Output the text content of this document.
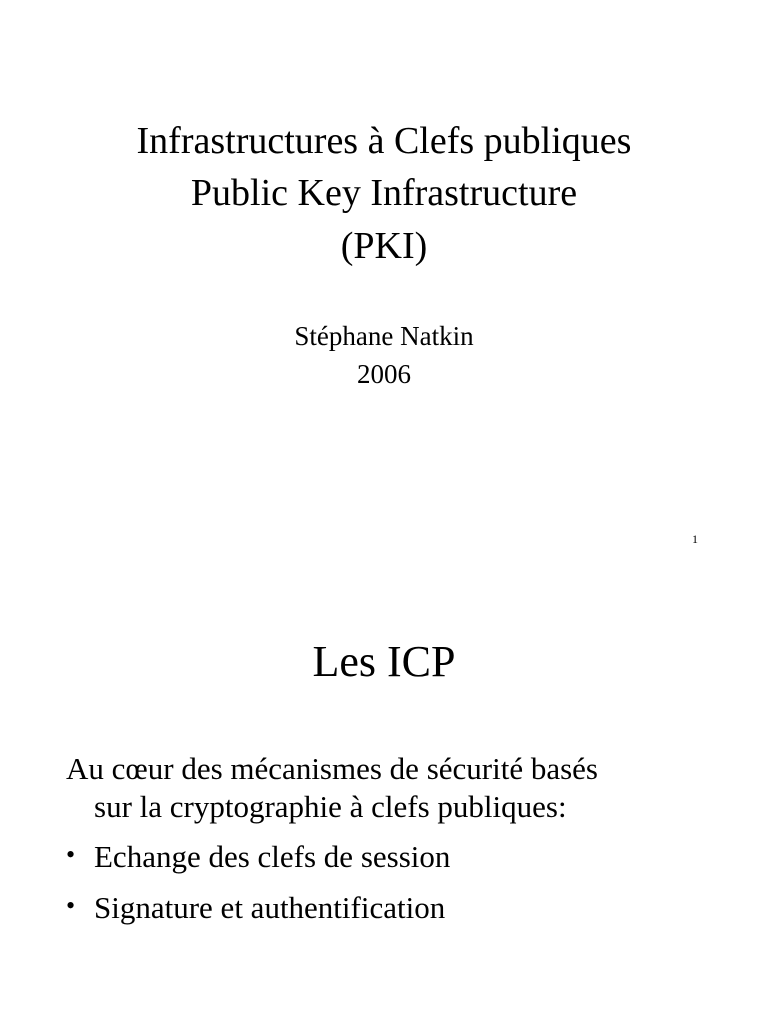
Infrastructures à Clefs publiques
Public Key Infrastructure
(PKI)
Stéphane Natkin
2006
1
Les ICP
Au cœur des mécanismes de sécurité basés
sur la cryptographie à clefs publiques:
• Echange des clefs de session
• Signature et authentification
